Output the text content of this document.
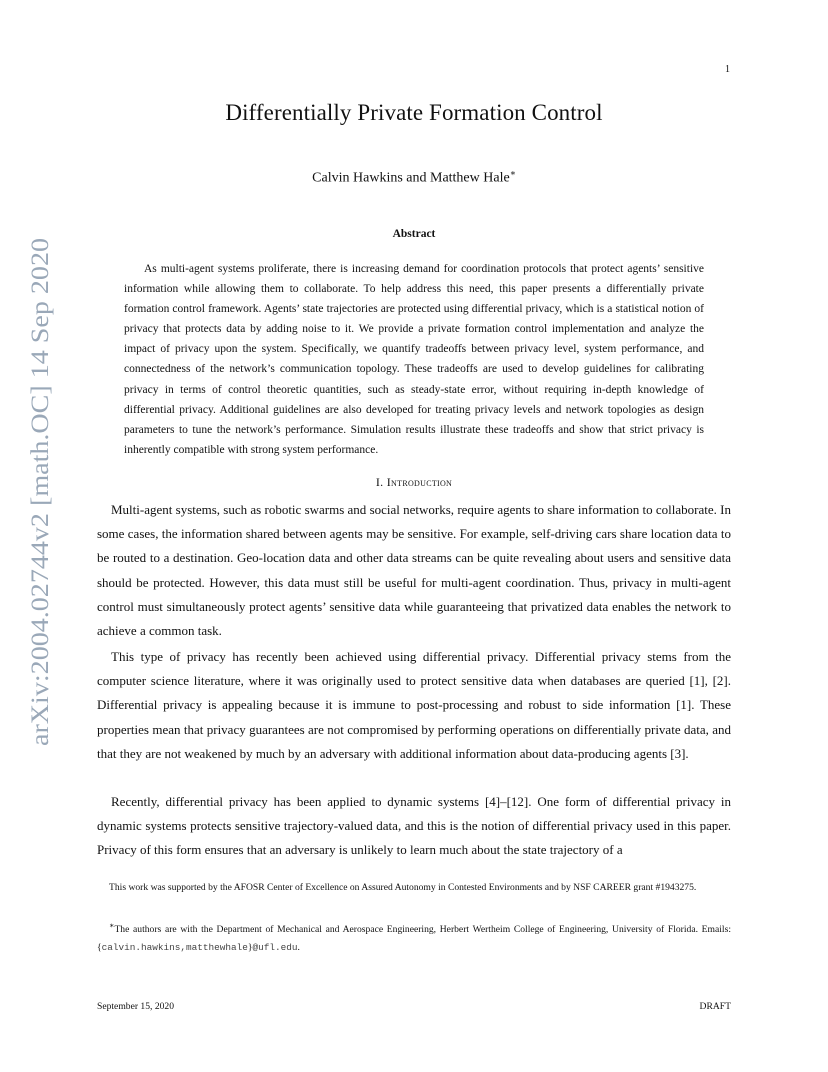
arXiv:2004.02744v2 [math.OC] 14 Sep 2020
1
Differentially Private Formation Control
Calvin Hawkins and Matthew Hale∗
Abstract

As multi-agent systems proliferate, there is increasing demand for coordination protocols that protect agents’ sensitive information while allowing them to collaborate. To help address this need, this paper presents a differentially private formation control framework. Agents’ state trajectories are protected using differential privacy, which is a statistical notion of privacy that protects data by adding noise to it. We provide a private formation control implementation and analyze the impact of privacy upon the system. Specifically, we quantify tradeoffs between privacy level, system performance, and connectedness of the network’s communication topology. These tradeoffs are used to develop guidelines for calibrating privacy in terms of control theoretic quantities, such as steady-state error, without requiring in-depth knowledge of differential privacy. Additional guidelines are also developed for treating privacy levels and network topologies as design parameters to tune the network’s performance. Simulation results illustrate these tradeoffs and show that strict privacy is inherently compatible with strong system performance.

I. Introduction

Multi-agent systems, such as robotic swarms and social networks, require agents to share information to collaborate. In some cases, the information shared between agents may be sensitive. For example, self-driving cars share location data to be routed to a destination. Geo-location data and other data streams can be quite revealing about users and sensitive data should be protected. However, this data must still be useful for multi-agent coordination. Thus, privacy in multi-agent control must simultaneously protect agents’ sensitive data while guaranteeing that privatized data enables the network to achieve a common task.

This type of privacy has recently been achieved using differential privacy. Differential privacy stems from the computer science literature, where it was originally used to protect sensitive data when databases are queried [1], [2]. Differential privacy is appealing because it is immune to post-processing and robust to side information [1]. These properties mean that privacy guarantees are not compromised by performing operations on differentially private data, and that they are not weakened by much by an adversary with additional information about data-producing agents [3].

Recently, differential privacy has been applied to dynamic systems [4]–[12]. One form of differential privacy in dynamic systems protects sensitive trajectory-valued data, and this is the notion of differential privacy used in this paper. Privacy of this form ensures that an adversary is unlikely to learn much about the state trajectory of a

This work was supported by the AFOSR Center of Excellence on Assured Autonomy in Contested Environments and by NSF CAREER grant #1943275.

∗The authors are with the Department of Mechanical and Aerospace Engineering, Herbert Wertheim College of Engineering, University of Florida. Emails: {calvin.hawkins,matthewhale}@ufl.edu.

September 15, 2020	DRAFT
